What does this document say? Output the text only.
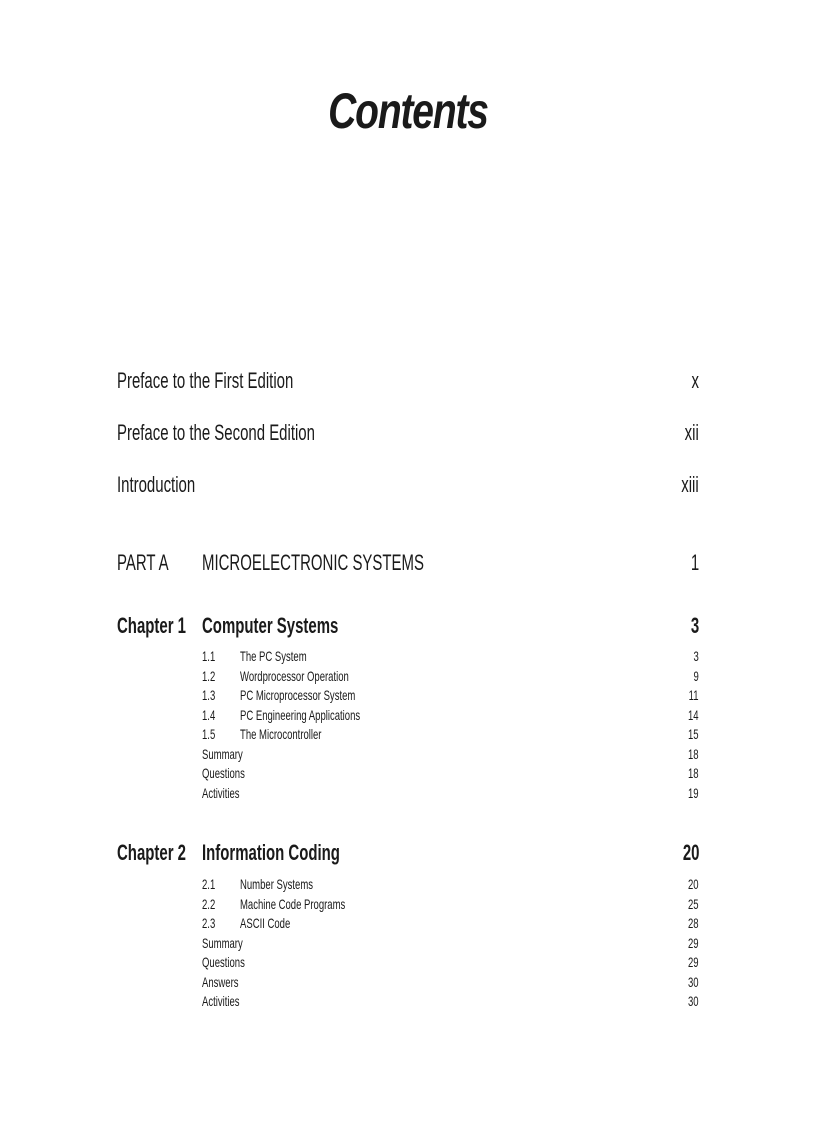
Contents
Preface to the First Edition	x
Preface to the Second Edition	xii
Introduction	xiii
PART A MICROELECTRONIC SYSTEMS	1
Chapter 1 Computer Systems	3
1.1 The PC System	3
1.2 Wordprocessor Operation	9
1.3 PC Microprocessor System	11
1.4 PC Engineering Applications	14
1.5 The Microcontroller	15
Summary	18
Questions	18
Activities	19
Chapter 2 Information Coding	20
2.1 Number Systems	20
2.2 Machine Code Programs	25
2.3 ASCII Code	28
Summary	29
Questions	29
Answers	30
Activities	30
